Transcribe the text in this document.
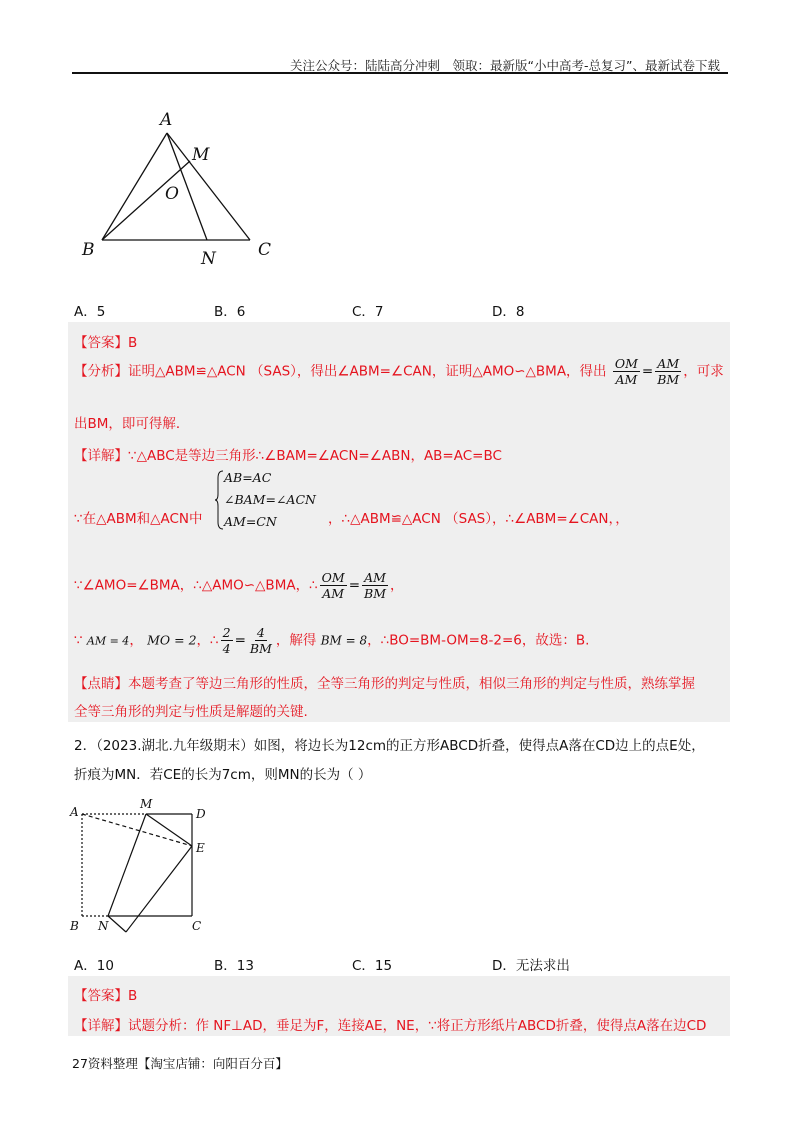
关注公众号：陆陆高分冲刺　领取：最新版“小中高考-总复习”、最新试卷下载
A
M
O
B	N C
A．5	B．6	C．7	D．8
【答案】B
【分析】证明△ABM≌△ACN （SAS），得出∠ABM=∠CAN，证明△AMO∽△BMA，得出 $\frac{OM}{AM} = \frac{AM}{BM}$ ，可求
出BM，即可得解．
【详解】∵△ABC是等边三角形∴∠BAM=∠ACN=∠ABN，AB=AC=BC
∵在△ABM和△ACN中
AB=AC
∠BAM=∠ACN
AM=CN	，∴△ABM≌△ACN （SAS），∴∠ABM=∠CAN，，
∵∠AMO=∠BMA，∴△AMO∽△BMA，∴ $\frac{OM}{AM} = \frac{AM}{BM}$ ，
∵ AM = 4， MO = 2，∴ $\frac{2}{4} = \frac{4}{BM}$ ，解得 BM = 8，∴BO=BM-OM=8-2=6，故选：B.
【点睛】本题考查了等边三角形的性质，全等三角形的判定与性质，相似三角形的判定与性质，熟练掌握
全等三角形的判定与性质是解题的关键.
2．（2023.湖北.九年级期末）如图，将边长为12cm的正方形ABCD折叠，使得点A落在CD边上的点E处，
折痕为MN．若CE的长为7cm，则MN的长为（ ）
A
M
D
E
B N	C
A．10	B．13	C．15	D．无法求出
【答案】B
【详解】试题分析：作 NF⊥AD，垂足为F，连接AE，NE，∵将正方形纸片ABCD折叠，使得点A落在边CD
27资料整理【淘宝店铺：向阳百分百】
